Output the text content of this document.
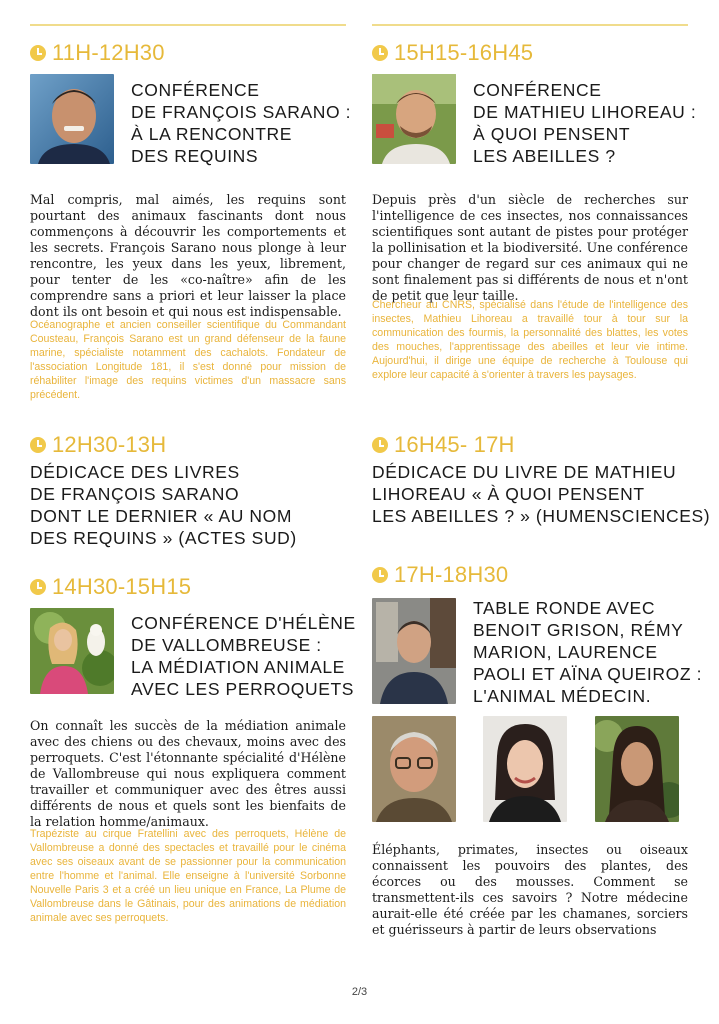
11H-12H30
CONFÉRENCE
DE FRANÇOIS SARANO :
À LA RENCONTRE
DES REQUINS
Mal compris, mal aimés, les requins sont pourtant des animaux fascinants dont nous commençons à découvrir les comportements et les secrets. François Sarano nous plonge à leur rencontre, les yeux dans les yeux, librement, pour tenter de les «co-naître» afin de les comprendre sans a priori et leur laisser la place dont ils ont besoin et qui nous est indispensable.
Océanographe et ancien conseiller scientifique du Commandant Cousteau, François Sarano est un grand défenseur de la faune marine, spécialiste notamment des cachalots. Fondateur de l'association Longitude 181, il s'est donné pour mission de réhabiliter l'image des requins victimes d'un massacre sans précédent.
12H30-13H
DÉDICACE DES LIVRES
DE FRANÇOIS SARANO
DONT LE DERNIER « AU NOM
DES REQUINS » (ACTES SUD)
14H30-15H15
CONFÉRENCE D'HÉLÈNE
DE VALLOMBREUSE :
LA MÉDIATION ANIMALE
AVEC LES PERROQUETS
On connaît les succès de la médiation animale avec des chiens ou des chevaux, moins avec des perroquets. C'est l'étonnante spécialité d'Hélène de Vallombreuse qui nous expliquera comment travailler et communiquer avec des êtres aussi différents de nous et quels sont les bienfaits de la relation homme/animaux.
Trapéziste au cirque Fratellini avec des perroquets, Hélène de Vallombreuse a donné des spectacles et travaillé pour le cinéma avec ses oiseaux avant de se passionner pour la communication entre l'homme et l'animal. Elle enseigne à l'université Sorbonne Nouvelle Paris 3 et a créé un lieu unique en France, La Plume de Vallombreuse dans le Gâtinais, pour des animations de médiation animale avec ses perroquets.
15H15-16H45
CONFÉRENCE
DE MATHIEU LIHOREAU :
À QUOI PENSENT
LES ABEILLES ?
Depuis près d'un siècle de recherches sur l'intelligence de ces insectes, nos connaissances scientifiques sont autant de pistes pour protéger la pollinisation et la biodiversité. Une conférence pour changer de regard sur ces animaux qui ne sont finalement pas si différents de nous et n'ont de petit que leur taille.
Chercheur au CNRS, spécialisé dans l'étude de l'intelligence des insectes, Mathieu Lihoreau a travaillé tour à tour sur la communication des fourmis, la personnalité des blattes, les votes des mouches, l'apprentissage des abeilles et leur vie intime. Aujourd'hui, il dirige une équipe de recherche à Toulouse qui explore leur capacité à s'orienter à travers les paysages.
16H45- 17H
DÉDICACE DU LIVRE DE MATHIEU
LIHOREAU « À QUOI PENSENT
LES ABEILLES ? » (HUMENSCIENCES)
17H-18H30
TABLE RONDE AVEC
BENOIT GRISON, RÉMY
MARION, LAURENCE
PAOLI ET AÏNA QUEIROZ :
L'ANIMAL MÉDECIN.
Éléphants, primates, insectes ou oiseaux connaissent les pouvoirs des plantes, des écorces ou des mousses. Comment se transmettent-ils ces savoirs ? Notre médecine aurait-elle été créée par les chamanes, sorciers et guérisseurs à partir de leurs observations
2/3
